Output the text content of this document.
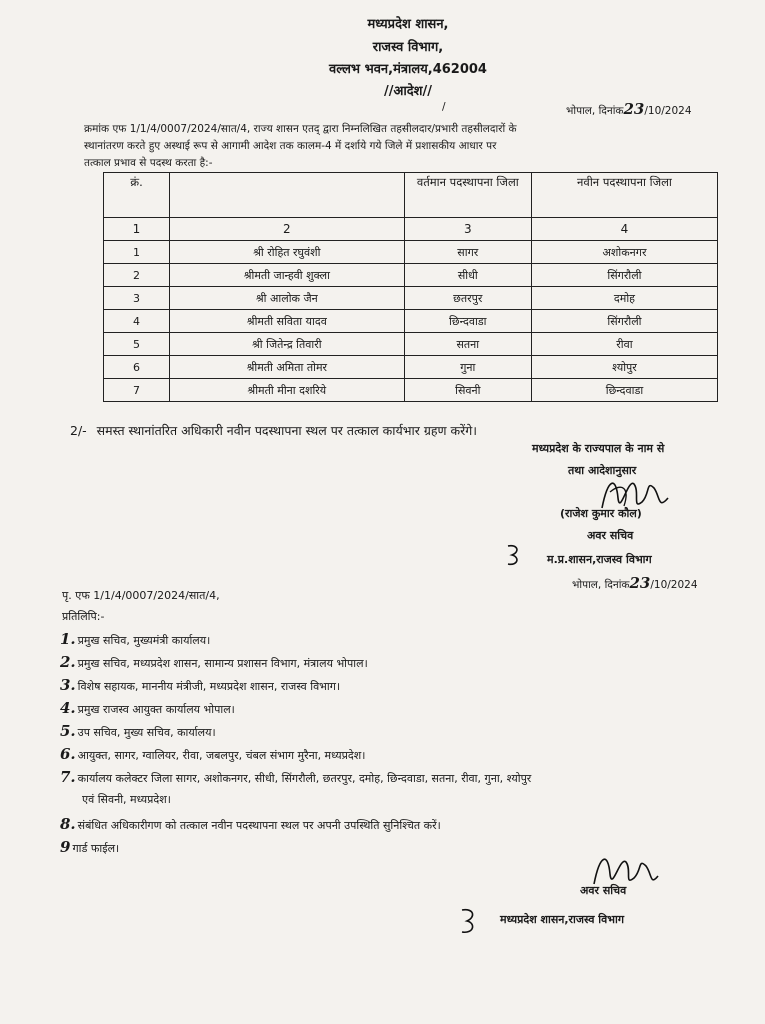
मध्यप्रदेश शासन,
राजस्व विभाग,
वल्लभ भवन,मंत्रालय,462004
//आदेश//
/	भोपाल, दिनांक23/10/2024
क्रमांक एफ 1/1/4/0007/2024/सात/4, राज्य शासन एतद् द्वारा निम्नलिखित तहसीलदार/प्रभारी तहसीलदारों के
स्थानांतरण करते हुए अस्थाई रूप से आगामी आदेश तक कालम-4 में दर्शाये गये जिले में प्रशासकीय आधार पर
तत्काल प्रभाव से पदस्थ करता है:-
क्रं.		वर्तमान पदस्थापना जिला	नवीन पदस्थापना जिला
1	2	3	4
1	श्री रोहित रघुवंशी	सागर	अशोकनगर
2	श्रीमती जान्हवी शुक्ला	सीधी	सिंगरौली
3	श्री आलोक जैन	छतरपुर	दमोह
4	श्रीमती सविता यादव	छिन्दवाडा	सिंगरौली
5	श्री जितेन्द्र तिवारी	सतना	रीवा
6	श्रीमती अमिता तोमर	गुना	श्योपुर
7	श्रीमती मीना दशरिये	सिवनी	छिन्दवाडा
2/- समस्त स्थानांतरित अधिकारी नवीन पदस्थापना स्थल पर तत्काल कार्यभार ग्रहण करेंगे।
मध्यप्रदेश के राज्यपाल के नाम से
तथा आदेशानुसार
(राजेश कुमार कौल)
अवर सचिव
म.प्र.शासन,राजस्व विभाग
भोपाल, दिनांक23/10/2024
पृ. एफ 1/1/4/0007/2024/सात/4,
प्रतिलिपि:-
1. प्रमुख सचिव, मुख्यमंत्री कार्यालय।
2. प्रमुख सचिव, मध्यप्रदेश शासन, सामान्य प्रशासन विभाग, मंत्रालय भोपाल।
3. विशेष सहायक, माननीय मंत्रीजी, मध्यप्रदेश शासन, राजस्व विभाग।
4. प्रमुख राजस्व आयुक्त कार्यालय भोपाल।
5. उप सचिव, मुख्य सचिव, कार्यालय।
6. आयुक्त, सागर, ग्वालियर, रीवा, जबलपुर, चंबल संभाग मुरैना, मध्यप्रदेश।
7. कार्यालय कलेक्टर जिला सागर, अशोकनगर, सीधी, सिंगरौली, छतरपुर, दमोह, छिन्दवाडा, सतना, रीवा, गुना, श्योपुर
एवं सिवनी, मध्यप्रदेश।
8. संबंधित अधिकारीगण को तत्काल नवीन पदस्थापना स्थल पर अपनी उपस्थिति सुनिश्चित करें।
9 गार्ड फाईल।
अवर सचिव
मध्यप्रदेश शासन,राजस्व विभाग
